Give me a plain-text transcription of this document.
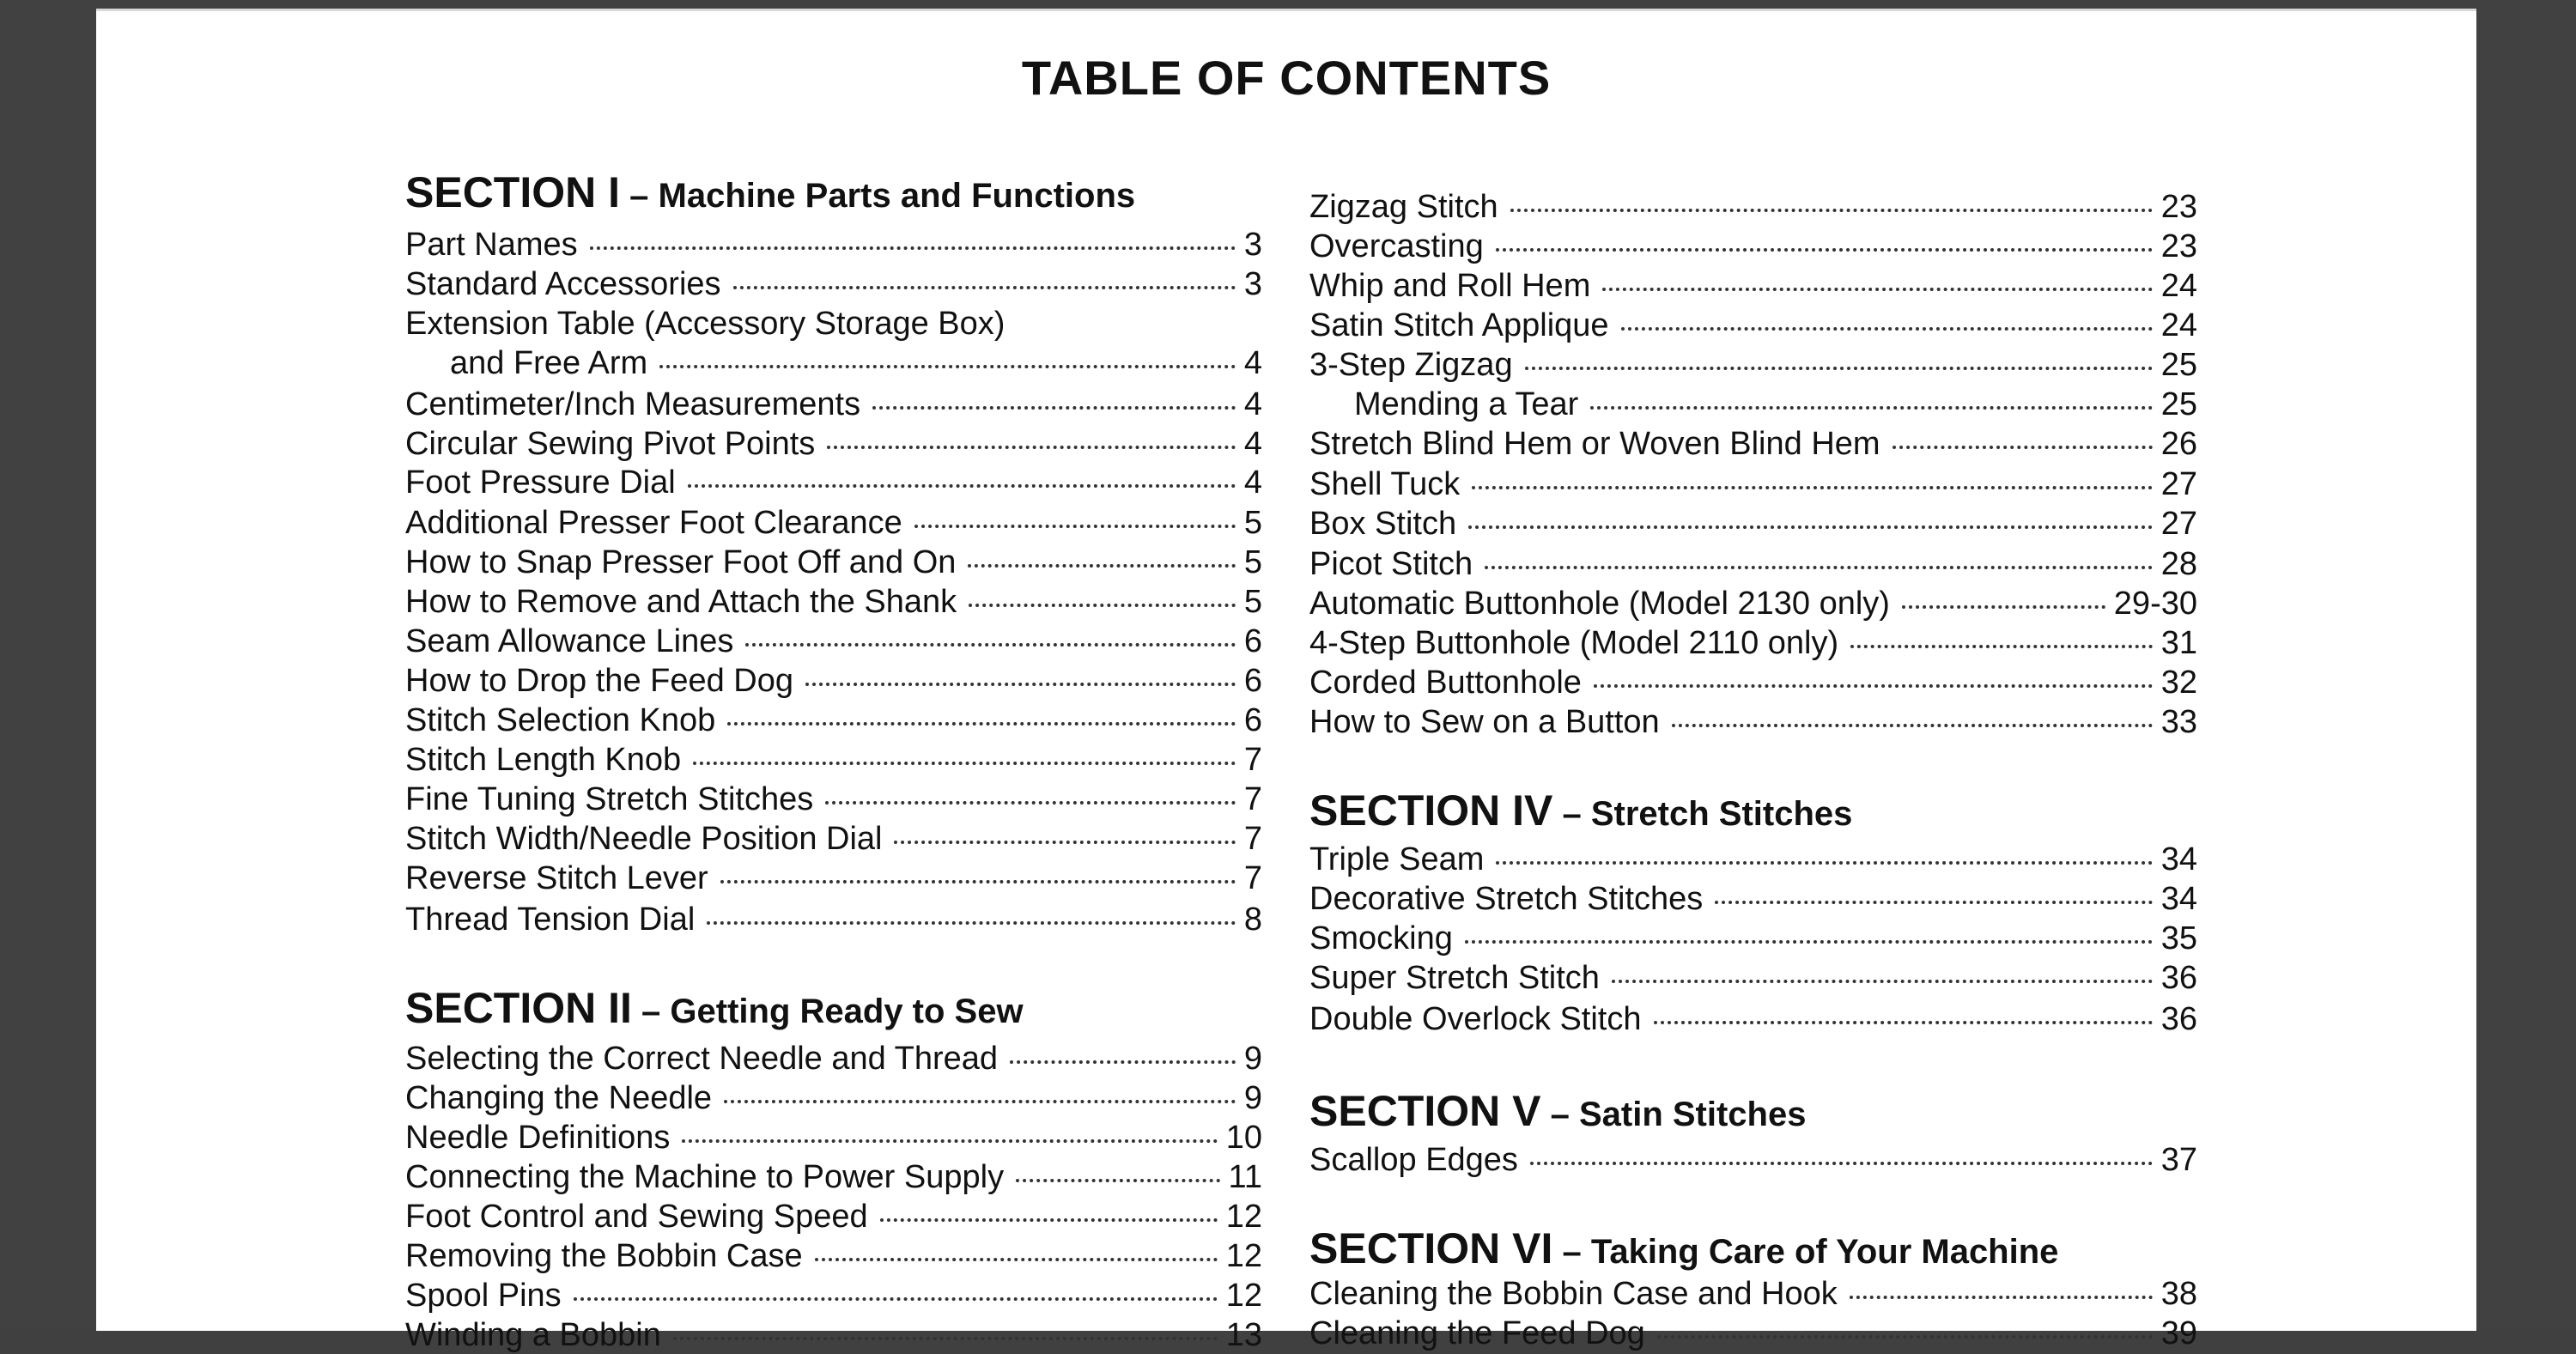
TABLE OF CONTENTS
SECTION I – Machine Parts and Functions
Part Names	3
Standard Accessories	3
Extension Table (Accessory Storage Box)
and Free Arm	4
Centimeter/Inch Measurements	4
Circular Sewing Pivot Points	4
Foot Pressure Dial	4
Additional Presser Foot Clearance	5
How to Snap Presser Foot Off and On	5
How to Remove and Attach the Shank	5
Seam Allowance Lines	6
How to Drop the Feed Dog	6
Stitch Selection Knob	6
Stitch Length Knob	7
Fine Tuning Stretch Stitches	7
Stitch Width/Needle Position Dial	7
Reverse Stitch Lever	7
Thread Tension Dial	8
SECTION II – Getting Ready to Sew
Selecting the Correct Needle and Thread	9
Changing the Needle	9
Needle Definitions	10
Connecting the Machine to Power Supply	11
Foot Control and Sewing Speed	12
Removing the Bobbin Case	12
Spool Pins	12
Winding a Bobbin	13
Zigzag Stitch	23
Overcasting	23
Whip and Roll Hem	24
Satin Stitch Applique	24
3-Step Zigzag	25
Mending a Tear	25
Stretch Blind Hem or Woven Blind Hem	26
Shell Tuck	27
Box Stitch	27
Picot Stitch	28
Automatic Buttonhole (Model 2130 only)	29-30
4-Step Buttonhole (Model 2110 only)	31
Corded Buttonhole	32
How to Sew on a Button	33
SECTION IV – Stretch Stitches
Triple Seam	34
Decorative Stretch Stitches	34
Smocking	35
Super Stretch Stitch	36
Double Overlock Stitch	36
SECTION V – Satin Stitches
Scallop Edges	37
SECTION VI – Taking Care of Your Machine
Cleaning the Bobbin Case and Hook	38
Cleaning the Feed Dog	39
